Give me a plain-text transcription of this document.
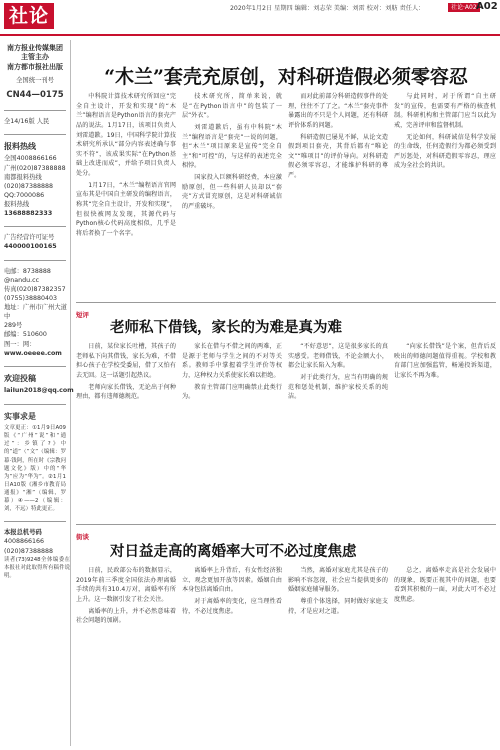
社论	2020年1月2日 星期四 编辑：刘志荣 美编：刘雷 校对：刘舫 责任人：	社论·A02 A02
南方报业传媒集团
主管主办
南方都市报社出版
全国统一刊号
CN44—0175
全14/16版 人民
报料热线
全国4008866166
广州(020)87388888
南都报料热线
(020)87388888
QQ:7000086
报料热线
13688882333
广告经营许可证号
440000100165
电邮：8738888
@nandu.cc
传真(020)87382357
(0755)38880403
地址：广州市广州大道中
289号
邮编：510600
图一：网：
www.oeeee.com
欢迎投稿
laiIun2018@qq.com
实事求是
文章更正：①1月9日A09版《“广州”说”和“通过”：乡镇了?》中的”道”（”文”（编辑：罗幕·钱阿，所在时《宗教问题文化》版）中的“华为”应为“华为”。②1月1日A10版《湘乡市教育局通报》“湘”（编辑，罗幕）④——2（编辑：刘，不远）特此更正。
本报总机号码
4008866166
(020)87388888
读者(73)9248全体编委在本报社对此取得所有稿件说明。
“木兰”套壳充原创，对科研造假必须零容忍

中科院计算技术研究所回应“完全自主设计，开发和实现”的“木兰”编程语言是Python语言的套壳产品的说法。1月17日，该项目负责人刘雷道歉。19日，中国科学院计算技术研究所承认“部分内容表述确与事实不符”，该成果实际“在Python基础上改进而成”，并给予项目负责人处分。

1月17日，“木兰”编程语言官网宣布其是中国自主研发的编程语言，称其“完全自主设计，开发和实现”，但很快被网友发现，其源代码与Python核心代码高度相似，几乎是将后者换了一个名字。

技术研究所，简单来说，就是“在Python语言中”的包装了一层“外衣”。

刘雷道歉后，虽有中科院“木兰”编程语言是“套壳”一说的问题，但“木兰”项目原来是宣传“完全自主”和“可控”的，与这样的表述完全相悖。

国家投入巨额科研经费，本应激励原创，但一些科研人员却以“套壳”方式冒充原创，这是对科研诚信的严重破坏。

而对此前部分科研造假事件的处理，往往不了了之。“木兰”套壳事件暴露出的不只是个人问题，还有科研评价体系的问题。

科研造假已屡见不鲜，从论文造假到项目套壳，其背后都有“唯论文”“唯项目”的评价导向。对科研造假必须零容忍，才能维护科研的尊严。

与此同时，对于所谓“自主研发”的宣传，也需要有严格的核查机制。科研机构和主管部门应当以此为戒，完善评审和监督机制。

无论如何，科研诚信是科学发展的生命线，任何造假行为都必须受到严厉惩处，对科研造假零容忍，理应成为全社会的共识。

短评
老师私下借钱，家长的为难是真为难

日前，某位家长吐槽，其孩子的老师私下向其借钱，家长为难，不借担心孩子在学校受委屈，借了又怕有去无回。这一话题引起热议。

老师向家长借钱，无论出于何种理由，都有违师德规范。

家长在借与不借之间的两难，正是源于老师与学生之间的不对等关系。教师手中掌握着学生评价等权力，这种权力关系使家长难以拒绝。

教育主管部门应明确禁止此类行为。

“不好意思”，这是很多家长的真实感受。老师借钱，不论金额大小，都会让家长陷入为难。

对于此类行为，应当有明确的规范和惩处机制，维护家校关系的纯洁。

“向家长借钱”是个案，但背后反映出的师德问题值得重视。学校和教育部门应加强监管，畅通投诉渠道，让家长不再为难。

街谈
对日益走高的离婚率大可不必过度焦虑

日前，民政部公布的数据显示，2019年前三季度全国依法办理离婚手续的共有310.4万对，离婚率有所上升。这一数据引发了社会关注。

离婚率的上升，并不必然意味着社会问题的加剧。

离婚率上升背后，有女性经济独立、观念更加开放等因素。婚姻自由本身包括离婚自由。

对于离婚率的变化，应当理性看待，不必过度焦虑。

当然，离婚对家庭尤其是孩子的影响不容忽视，社会应当提供更多的婚姻家庭辅导服务。

尊重个体选择，同时做好家庭支持，才是应对之道。

总之，离婚率走高是社会发展中的现象，既要正视其中的问题，也要看到其积极的一面，对此大可不必过度焦虑。
